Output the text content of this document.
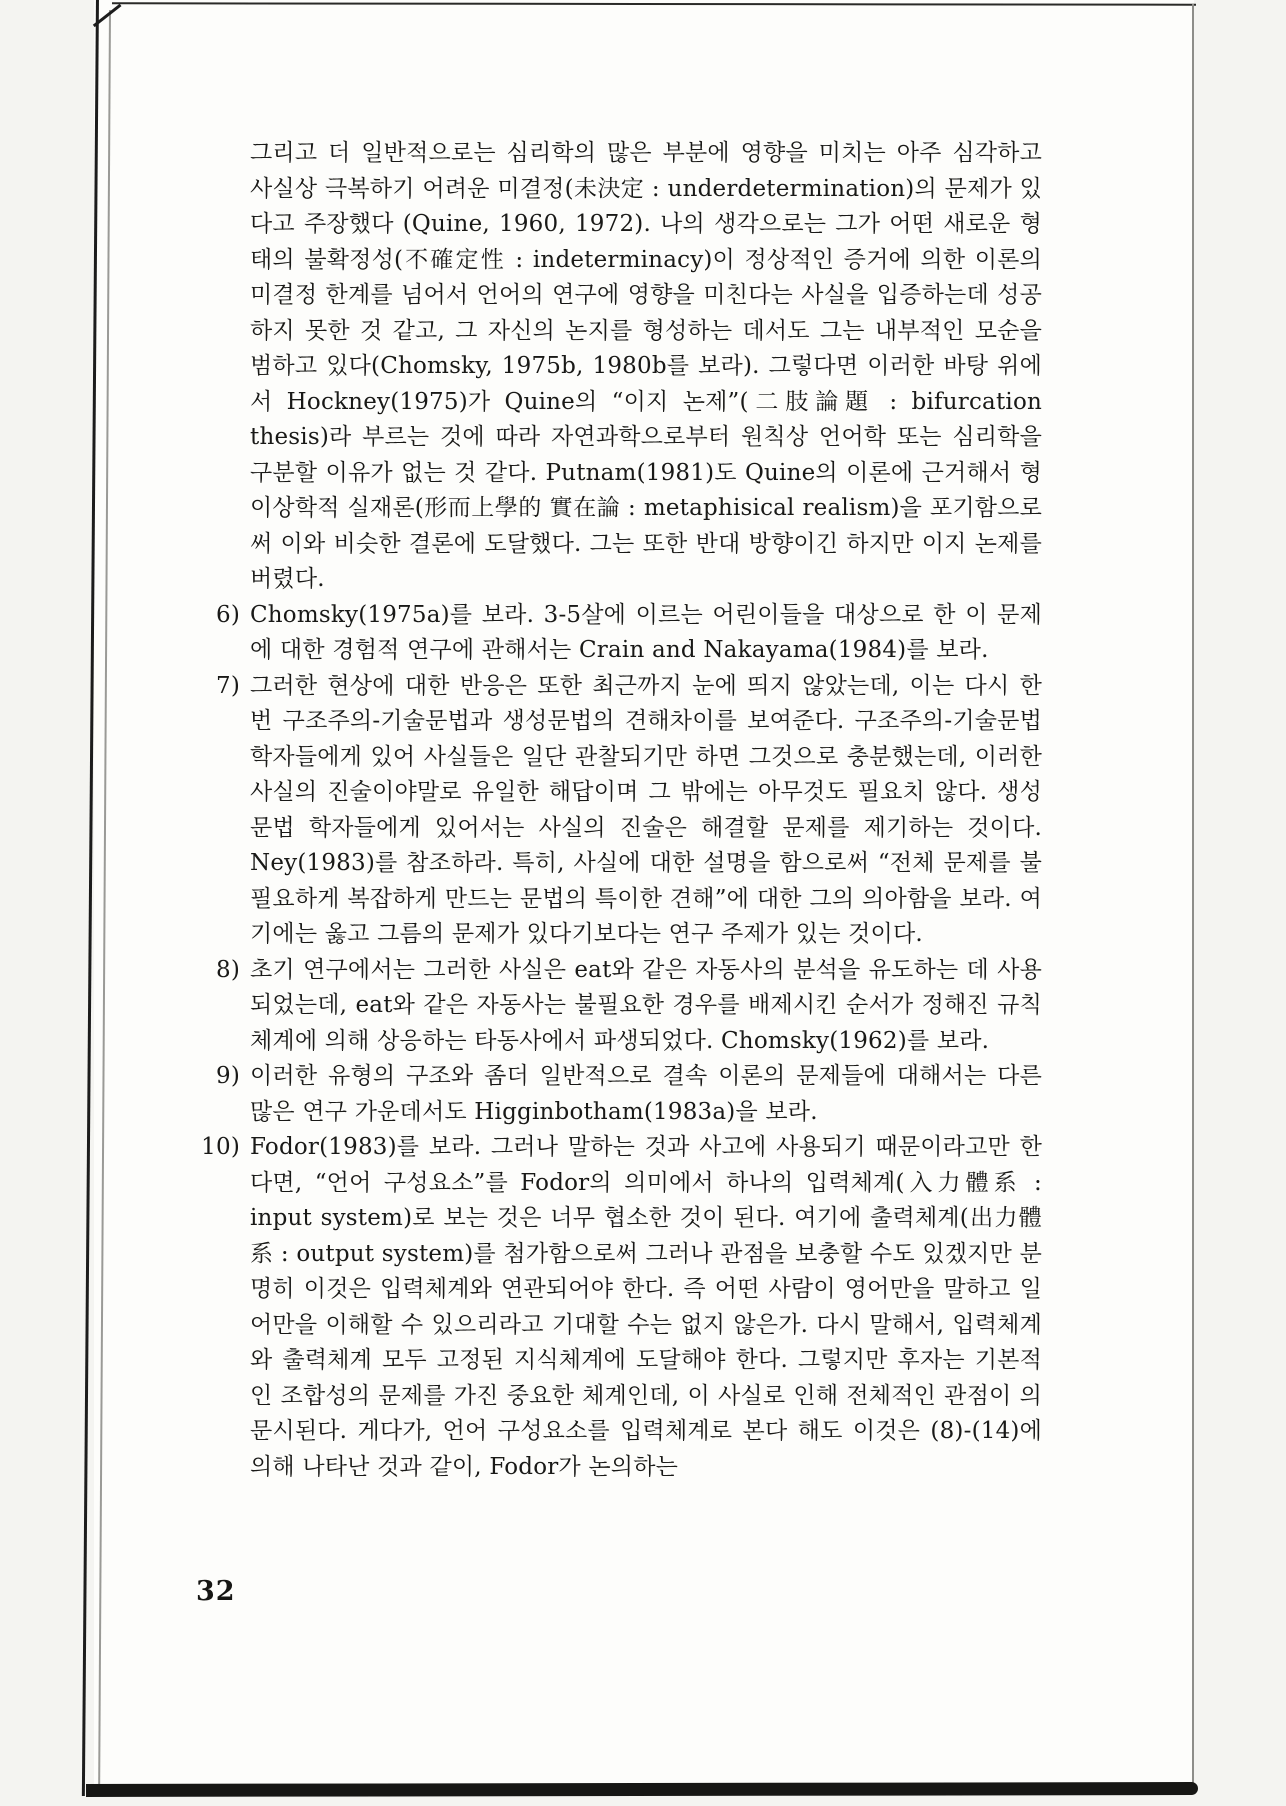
그리고 더 일반적으로는 심리학의 많은 부분에 영향을 미치는 아주 심각하고 사실상 극복하기 어려운 미결정(未決定 : underdetermination)의 문제가 있다고 주장했다 (Quine, 1960, 1972). 나의 생각으로는 그가 어떤 새로운 형태의 불확정성(不確定性 : indeterminacy)이 정상적인 증거에 의한 이론의 미결정 한계를 넘어서 언어의 연구에 영향을 미친다는 사실을 입증하는데 성공하지 못한 것 같고, 그 자신의 논지를 형성하는 데서도 그는 내부적인 모순을 범하고 있다(Chomsky, 1975b, 1980b를 보라). 그렇다면 이러한 바탕 위에서 Hockney(1975)가 Quine의 “이지 논제”(二肢論題 : bifurcation thesis)라 부르는 것에 따라 자연과학으로부터 원칙상 언어학 또는 심리학을 구분할 이유가 없는 것 같다. Putnam(1981)도 Quine의 이론에 근거해서 형이상학적 실재론(形而上學的 實在論 : metaphisical realism)을 포기함으로써 이와 비슷한 결론에 도달했다. 그는 또한 반대 방향이긴 하지만 이지 논제를 버렸다.
6) Chomsky(1975a)를 보라. 3-5살에 이르는 어린이들을 대상으로 한 이 문제에 대한 경험적 연구에 관해서는 Crain and Nakayama(1984)를 보라.
7) 그러한 현상에 대한 반응은 또한 최근까지 눈에 띄지 않았는데, 이는 다시 한 번 구조주의-기술문법과 생성문법의 견해차이를 보여준다. 구조주의-기술문법 학자들에게 있어 사실들은 일단 관찰되기만 하면 그것으로 충분했는데, 이러한 사실의 진술이야말로 유일한 해답이며 그 밖에는 아무것도 필요치 않다. 생성문법 학자들에게 있어서는 사실의 진술은 해결할 문제를 제기하는 것이다. Ney(1983)를 참조하라. 특히, 사실에 대한 설명을 함으로써 “전체 문제를 불필요하게 복잡하게 만드는 문법의 특이한 견해”에 대한 그의 의아함을 보라. 여기에는 옳고 그름의 문제가 있다기보다는 연구 주제가 있는 것이다.
8) 초기 연구에서는 그러한 사실은 eat와 같은 자동사의 분석을 유도하는 데 사용되었는데, eat와 같은 자동사는 불필요한 경우를 배제시킨 순서가 정해진 규칙체계에 의해 상응하는 타동사에서 파생되었다. Chomsky(1962)를 보라.
9) 이러한 유형의 구조와 좀더 일반적으로 결속 이론의 문제들에 대해서는 다른 많은 연구 가운데서도 Higginbotham(1983a)을 보라.
10) Fodor(1983)를 보라. 그러나 말하는 것과 사고에 사용되기 때문이라고만 한다면, “언어 구성요소”를 Fodor의 의미에서 하나의 입력체계(入力體系 : input system)로 보는 것은 너무 협소한 것이 된다. 여기에 출력체계(出力體系 : output system)를 첨가함으로써 그러나 관점을 보충할 수도 있겠지만 분명히 이것은 입력체계와 연관되어야 한다. 즉 어떤 사람이 영어만을 말하고 일어만을 이해할 수 있으리라고 기대할 수는 없지 않은가. 다시 말해서, 입력체계와 출력체계 모두 고정된 지식체계에 도달해야 한다. 그렇지만 후자는 기본적인 조합성의 문제를 가진 중요한 체계인데, 이 사실로 인해 전체적인 관점이 의문시된다. 게다가, 언어 구성요소를 입력체계로 본다 해도 이것은 (8)-(14)에 의해 나타난 것과 같이, Fodor가 논의하는
32
